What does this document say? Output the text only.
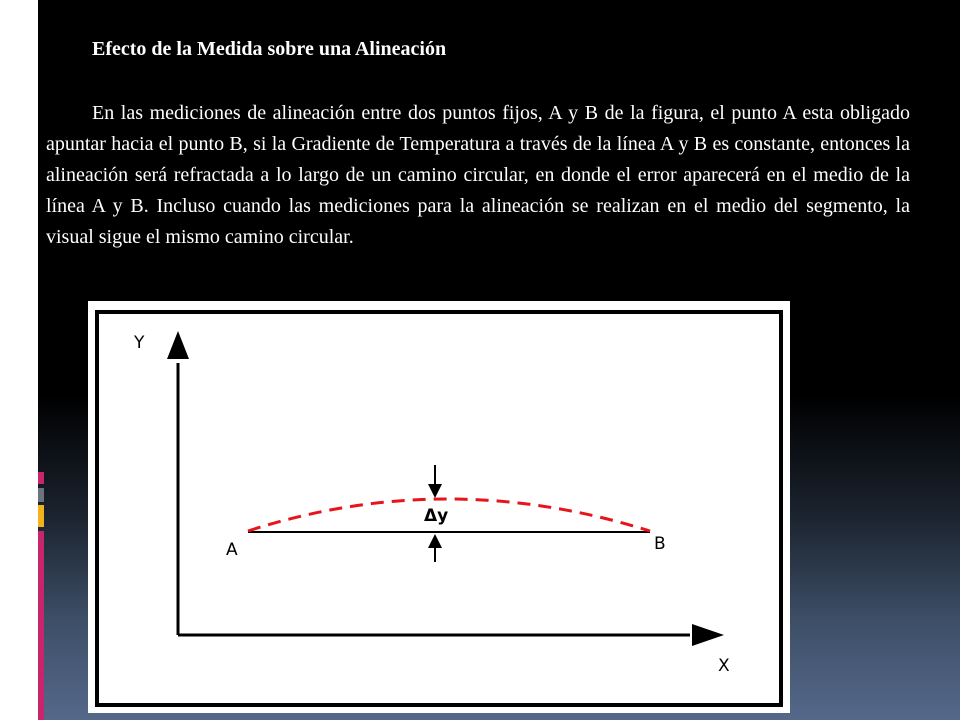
Efecto de la Medida sobre una Alineación

En las mediciones de alineación entre dos puntos fijos, A y B de la figura, el punto A esta obligado apuntar hacia el punto B, si la Gradiente de Temperatura a través de la línea A y B es constante, entonces la alineación será refractada a lo largo de un camino circular, en donde el error aparecerá en el medio de la línea A y B. Incluso cuando las mediciones para la alineación se realizan en el medio del segmento, la visual sigue el mismo camino circular.

Y
X
A	B
Δy
